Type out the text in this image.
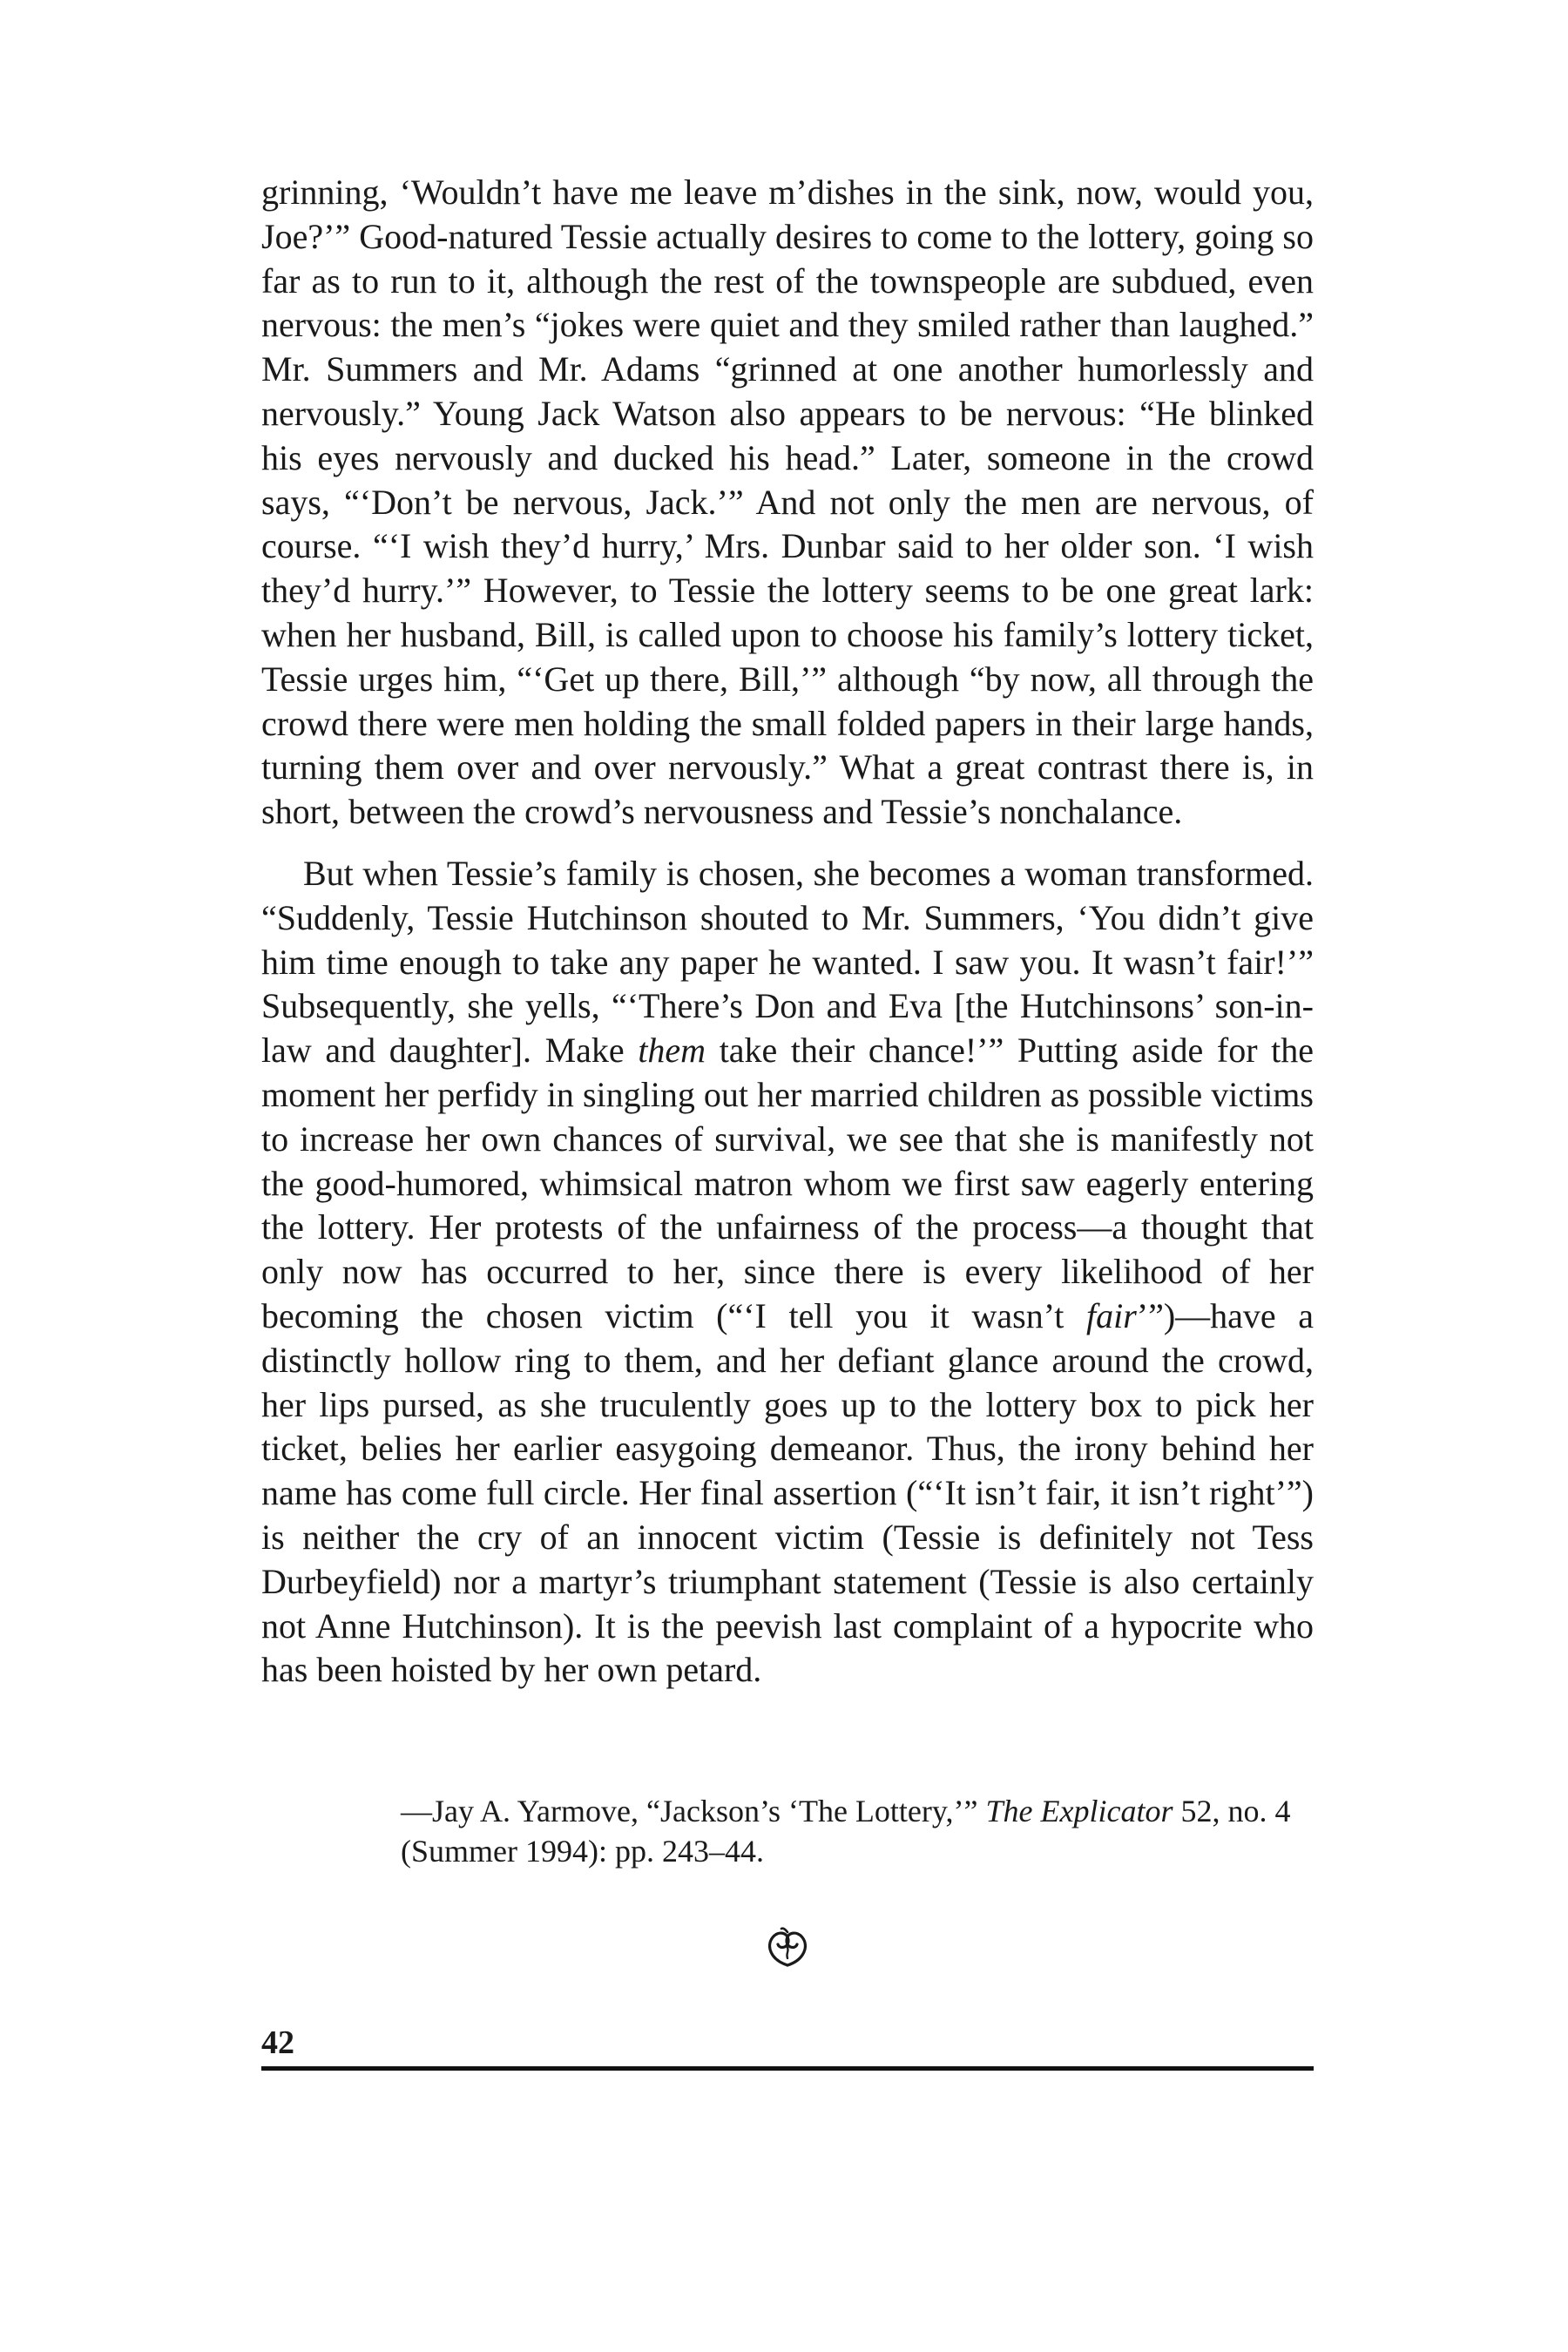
grinning, ‘Wouldn’t have me leave m’dishes in the sink, now, would you, Joe?’” Good-natured Tessie actually desires to come to the lottery, going so far as to run to it, although the rest of the townspeople are subdued, even nervous: the men’s “jokes were quiet and they smiled rather than laughed.” Mr. Summers and Mr. Adams “grinned at one another humorlessly and nervously.” Young Jack Watson also appears to be nervous: “He blinked his eyes nervously and ducked his head.” Later, someone in the crowd says, “‘Don’t be nervous, Jack.’” And not only the men are nervous, of course. “‘I wish they’d hurry,’ Mrs. Dunbar said to her older son. ‘I wish they’d hurry.’” However, to Tessie the lottery seems to be one great lark: when her husband, Bill, is called upon to choose his family’s lottery ticket, Tessie urges him, “‘Get up there, Bill,’” although “by now, all through the crowd there were men holding the small folded papers in their large hands, turning them over and over nervously.” What a great contrast there is, in short, between the crowd’s nervousness and Tessie’s nonchalance.

But when Tessie’s family is chosen, she becomes a woman transformed. “Suddenly, Tessie Hutchinson shouted to Mr. Summers, ‘You didn’t give him time enough to take any paper he wanted. I saw you. It wasn’t fair!’” Subsequently, she yells, “‘There’s Don and Eva [the Hutchinsons’ son-in-law and daughter]. Make them take their chance!’” Putting aside for the moment her perfidy in singling out her married children as possible victims to increase her own chances of survival, we see that she is manifestly not the good-humored, whimsical matron whom we first saw eagerly entering the lottery. Her protests of the unfairness of the process—a thought that only now has occurred to her, since there is every likelihood of her becoming the chosen victim (“‘I tell you it wasn’t fair’”)—have a distinctly hollow ring to them, and her defiant glance around the crowd, her lips pursed, as she truculently goes up to the lottery box to pick her ticket, belies her earlier easygoing demeanor. Thus, the irony behind her name has come full circle. Her final assertion (“‘It isn’t fair, it isn’t right’”) is neither the cry of an innocent victim (Tessie is definitely not Tess Durbeyfield) nor a martyr’s triumphant statement (Tessie is also certainly not Anne Hutchinson). It is the peevish last complaint of a hypocrite who has been hoisted by her own petard.

—Jay A. Yarmove, “Jackson’s ‘The Lottery,’” The Explicator 52, no. 4 (Summer 1994): pp. 243–44.
42
